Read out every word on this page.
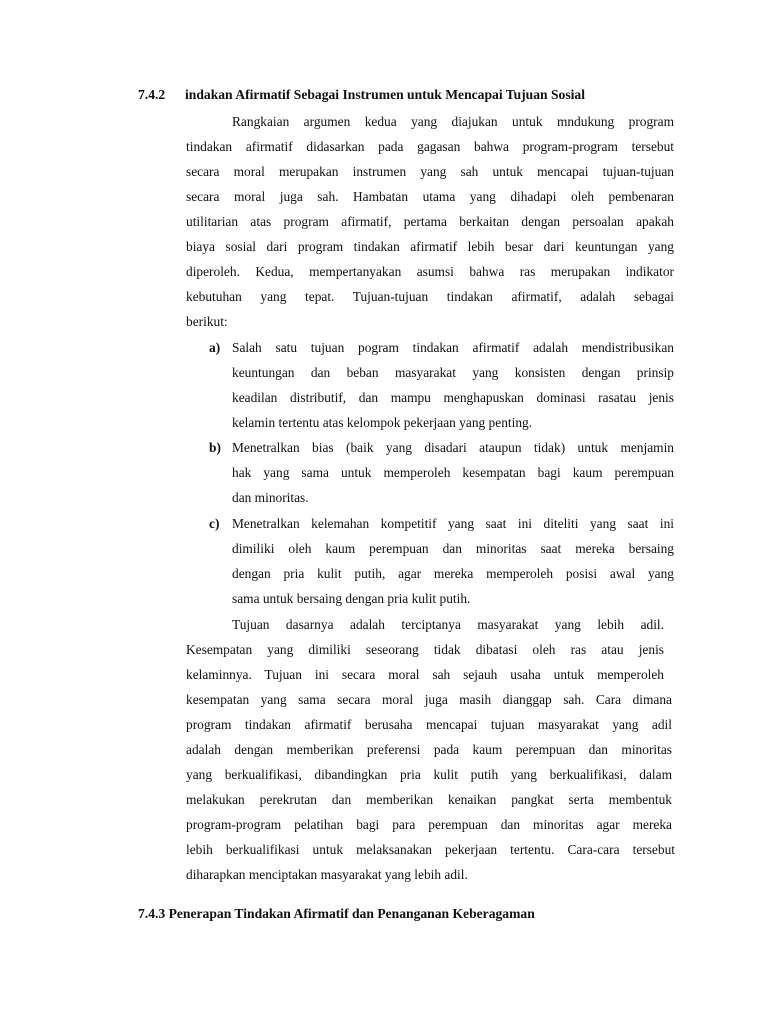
7.4.2 indakan Afirmatif Sebagai Instrumen untuk Mencapai Tujuan Sosial
Rangkaian argumen kedua yang diajukan untuk mndukung program
tindakan afirmatif didasarkan pada gagasan bahwa program-program tersebut
secara moral merupakan instrumen yang sah untuk mencapai tujuan-tujuan
secara moral juga sah. Hambatan utama yang dihadapi oleh pembenaran
utilitarian atas program afirmatif, pertama berkaitan dengan persoalan apakah
biaya sosial dari program tindakan afirmatif lebih besar dari keuntungan yang
diperoleh. Kedua, mempertanyakan asumsi bahwa ras merupakan indikator
kebutuhan yang tepat. Tujuan-tujuan tindakan afirmatif, adalah sebagai
berikut:
a) Salah satu tujuan pogram tindakan afirmatif adalah mendistribusikan
keuntungan dan beban masyarakat yang konsisten dengan prinsip
keadilan distributif, dan mampu menghapuskan dominasi rasatau jenis
kelamin tertentu atas kelompok pekerjaan yang penting.
b) Menetralkan bias (baik yang disadari ataupun tidak) untuk menjamin
hak yang sama untuk memperoleh kesempatan bagi kaum perempuan
dan minoritas.
c) Menetralkan kelemahan kompetitif yang saat ini diteliti yang saat ini
dimiliki oleh kaum perempuan dan minoritas saat mereka bersaing
dengan pria kulit putih, agar mereka memperoleh posisi awal yang
sama untuk bersaing dengan pria kulit putih.
Tujuan dasarnya adalah terciptanya masyarakat yang lebih adil.
Kesempatan yang dimiliki seseorang tidak dibatasi oleh ras atau jenis
kelaminnya. Tujuan ini secara moral sah sejauh usaha untuk memperoleh
kesempatan yang sama secara moral juga masih dianggap sah. Cara dimana
program tindakan afirmatif berusaha mencapai tujuan masyarakat yang adil
adalah dengan memberikan preferensi pada kaum perempuan dan minoritas
yang berkualifikasi, dibandingkan pria kulit putih yang berkualifikasi, dalam
melakukan perekrutan dan memberikan kenaikan pangkat serta membentuk
program-program pelatihan bagi para perempuan dan minoritas agar mereka
lebih berkualifikasi untuk melaksanakan pekerjaan tertentu. Cara-cara tersebut
diharapkan menciptakan masyarakat yang lebih adil.
7.4.3 Penerapan Tindakan Afirmatif dan Penanganan Keberagaman
